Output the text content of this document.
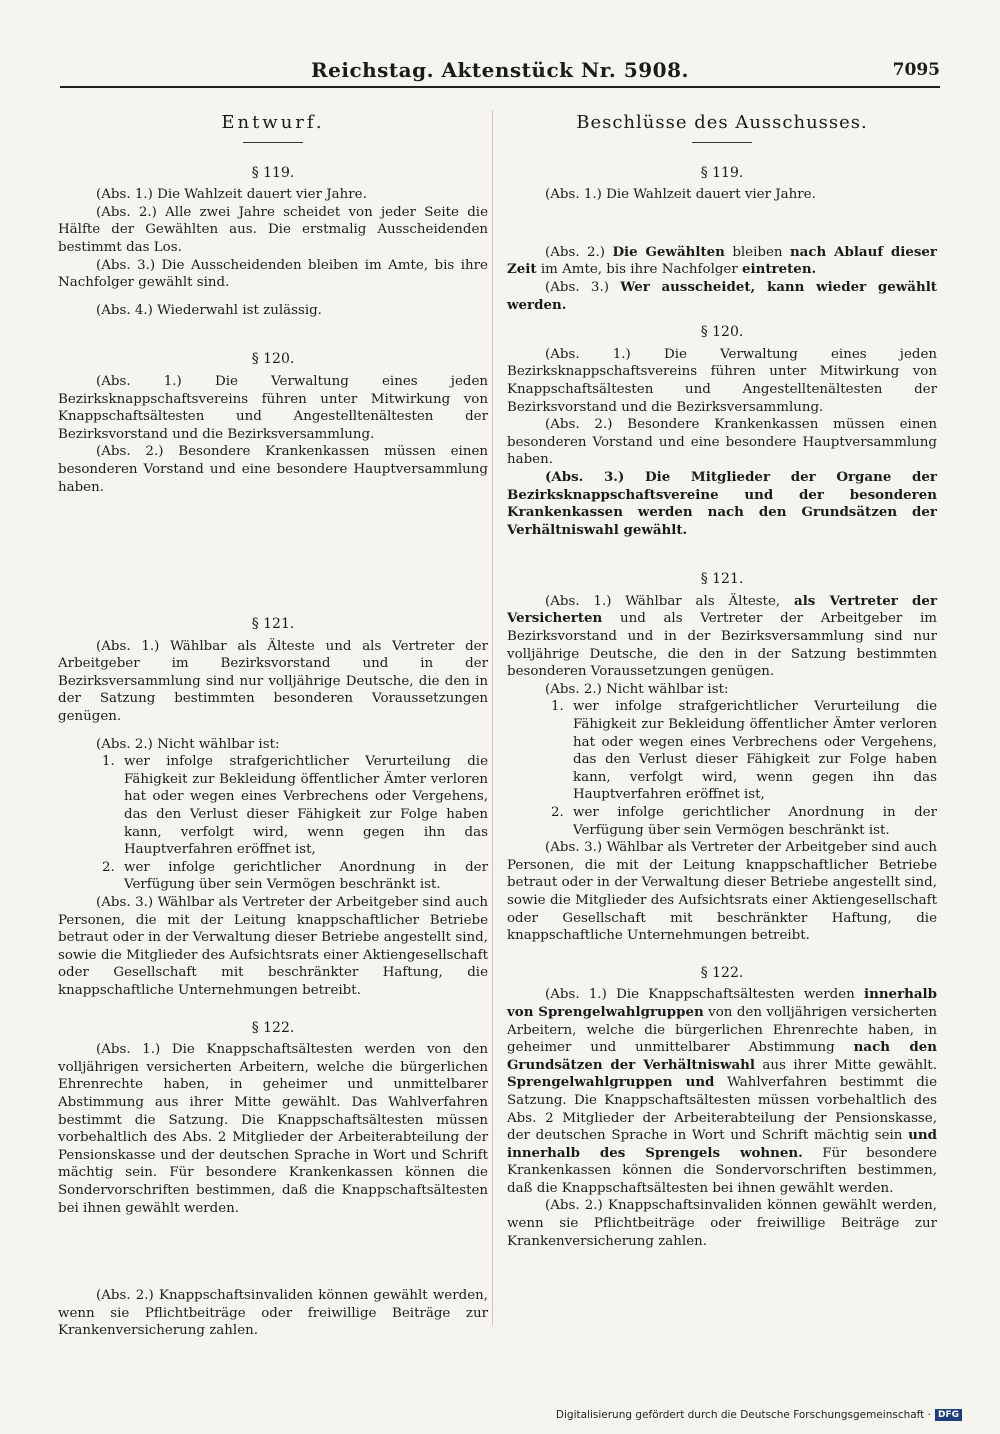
Reichstag. Aktenstück Nr. 5908.	7095
Entwurf.
§ 119.

(Abs. 1.) Die Wahlzeit dauert vier Jahre.

(Abs. 2.) Alle zwei Jahre scheidet von jeder Seite die Hälfte der Gewählten aus. Die erstmalig Ausscheidenden bestimmt das Los.

(Abs. 3.) Die Ausscheidenden bleiben im Amte, bis ihre Nachfolger gewählt sind.

(Abs. 4.) Wiederwahl ist zulässig.

§ 120.

(Abs. 1.) Die Verwaltung eines jeden Bezirksknappschaftsvereins führen unter Mitwirkung von Knappschaftsältesten und Angestelltenältesten der Bezirksvorstand und die Bezirksversammlung.

(Abs. 2.) Besondere Krankenkassen müssen einen besonderen Vorstand und eine besondere Hauptversammlung haben.

§ 121.

(Abs. 1.) Wählbar als Älteste und als Vertreter der Arbeitgeber im Bezirksvorstand und in der Bezirksversammlung sind nur volljährige Deutsche, die den in der Satzung bestimmten besonderen Voraussetzungen genügen.

(Abs. 2.) Nicht wählbar ist:

1. wer infolge strafgerichtlicher Verurteilung die Fähigkeit zur Bekleidung öffentlicher Ämter verloren hat oder wegen eines Verbrechens oder Vergehens, das den Verlust dieser Fähigkeit zur Folge haben kann, verfolgt wird, wenn gegen ihn das Hauptverfahren eröffnet ist,
2. wer infolge gerichtlicher Anordnung in der Verfügung über sein Vermögen beschränkt ist.

(Abs. 3.) Wählbar als Vertreter der Arbeitgeber sind auch Personen, die mit der Leitung knappschaftlicher Betriebe betraut oder in der Verwaltung dieser Betriebe angestellt sind, sowie die Mitglieder des Aufsichtsrats einer Aktiengesellschaft oder Gesellschaft mit beschränkter Haftung, die knappschaftliche Unternehmungen betreibt.

§ 122.

(Abs. 1.) Die Knappschaftsältesten werden von den volljährigen versicherten Arbeitern, welche die bürgerlichen Ehrenrechte haben, in geheimer und unmittelbarer Abstimmung aus ihrer Mitte gewählt. Das Wahlverfahren bestimmt die Satzung. Die Knappschaftsältesten müssen vorbehaltlich des Abs. 2 Mitglieder der Arbeiterabteilung der Pensionskasse und der deutschen Sprache in Wort und Schrift mächtig sein. Für besondere Krankenkassen können die Sondervorschriften bestimmen, daß die Knappschaftsältesten bei ihnen gewählt werden.

(Abs. 2.) Knappschaftsinvaliden können gewählt werden, wenn sie Pflichtbeiträge oder freiwillige Beiträge zur Krankenversicherung zahlen.

Beschlüsse des Ausschusses.
§ 119.

(Abs. 1.) Die Wahlzeit dauert vier Jahre.

(Abs. 2.) Die Gewählten bleiben nach Ablauf dieser Zeit im Amte, bis ihre Nachfolger eintreten.

(Abs. 3.) Wer ausscheidet, kann wieder gewählt werden.

§ 120.

(Abs. 1.) Die Verwaltung eines jeden Bezirksknappschaftsvereins führen unter Mitwirkung von Knappschaftsältesten und Angestelltenältesten der Bezirksvorstand und die Bezirksversammlung.

(Abs. 2.) Besondere Krankenkassen müssen einen besonderen Vorstand und eine besondere Hauptversammlung haben.

(Abs. 3.) Die Mitglieder der Organe der Bezirksknappschaftsvereine und der besonderen Krankenkassen werden nach den Grundsätzen der Verhältniswahl gewählt.

§ 121.

(Abs. 1.) Wählbar als Älteste, als Vertreter der Versicherten und als Vertreter der Arbeitgeber im Bezirksvorstand und in der Bezirksversammlung sind nur volljährige Deutsche, die den in der Satzung bestimmten besonderen Voraussetzungen genügen.

(Abs. 2.) Nicht wählbar ist:

1. wer infolge strafgerichtlicher Verurteilung die Fähigkeit zur Bekleidung öffentlicher Ämter verloren hat oder wegen eines Verbrechens oder Vergehens, das den Verlust dieser Fähigkeit zur Folge haben kann, verfolgt wird, wenn gegen ihn das Hauptverfahren eröffnet ist,
2. wer infolge gerichtlicher Anordnung in der Verfügung über sein Vermögen beschränkt ist.

(Abs. 3.) Wählbar als Vertreter der Arbeitgeber sind auch Personen, die mit der Leitung knappschaftlicher Betriebe betraut oder in der Verwaltung dieser Betriebe angestellt sind, sowie die Mitglieder des Aufsichtsrats einer Aktiengesellschaft oder Gesellschaft mit beschränkter Haftung, die knappschaftliche Unternehmungen betreibt.

§ 122.

(Abs. 1.) Die Knappschaftsältesten werden innerhalb von Sprengelwahlgruppen von den volljährigen versicherten Arbeitern, welche die bürgerlichen Ehrenrechte haben, in geheimer und unmittelbarer Abstimmung nach den Grundsätzen der Verhältniswahl aus ihrer Mitte gewählt. Sprengelwahlgruppen und Wahlverfahren bestimmt die Satzung. Die Knappschaftsältesten müssen vorbehaltlich des Abs. 2 Mitglieder der Arbeiterabteilung der Pensionskasse, der deutschen Sprache in Wort und Schrift mächtig sein und innerhalb des Sprengels wohnen. Für besondere Krankenkassen können die Sondervorschriften bestimmen, daß die Knappschaftsältesten bei ihnen gewählt werden.

(Abs. 2.) Knappschaftsinvaliden können gewählt werden, wenn sie Pflichtbeiträge oder freiwillige Beiträge zur Krankenversicherung zahlen.

Digitalisierung gefördert durch die Deutsche Forschungsgemeinschaft · DFG
